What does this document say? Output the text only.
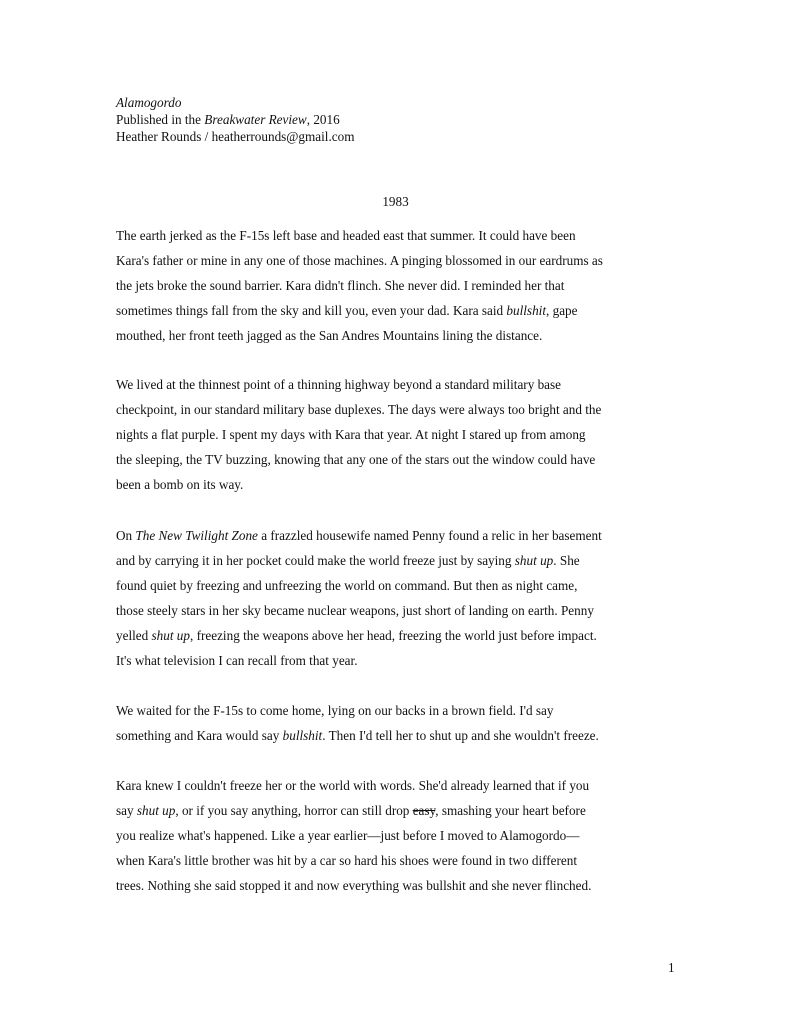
Alamogordo
Published in the Breakwater Review, 2016
Heather Rounds / heatherrounds@gmail.com
1983
The earth jerked as the F-15s left base and headed east that summer. It could have been
Kara's father or mine in any one of those machines. A pinging blossomed in our eardrums as
the jets broke the sound barrier. Kara didn't flinch. She never did. I reminded her that
sometimes things fall from the sky and kill you, even your dad. Kara said bullshit, gape
mouthed, her front teeth jagged as the San Andres Mountains lining the distance.
We lived at the thinnest point of a thinning highway beyond a standard military base
checkpoint, in our standard military base duplexes. The days were always too bright and the
nights a flat purple. I spent my days with Kara that year. At night I stared up from among
the sleeping, the TV buzzing, knowing that any one of the stars out the window could have
been a bomb on its way.
On The New Twilight Zone a frazzled housewife named Penny found a relic in her basement
and by carrying it in her pocket could make the world freeze just by saying shut up. She
found quiet by freezing and unfreezing the world on command. But then as night came,
those steely stars in her sky became nuclear weapons, just short of landing on earth. Penny
yelled shut up, freezing the weapons above her head, freezing the world just before impact.
It's what television I can recall from that year.
We waited for the F-15s to come home, lying on our backs in a brown field. I'd say
something and Kara would say bullshit. Then I'd tell her to shut up and she wouldn't freeze.
Kara knew I couldn't freeze her or the world with words. She'd already learned that if you
say shut up, or if you say anything, horror can still drop easy, smashing your heart before
you realize what's happened. Like a year earlier—just before I moved to Alamogordo—
when Kara's little brother was hit by a car so hard his shoes were found in two different
trees. Nothing she said stopped it and now everything was bullshit and she never flinched.
1
